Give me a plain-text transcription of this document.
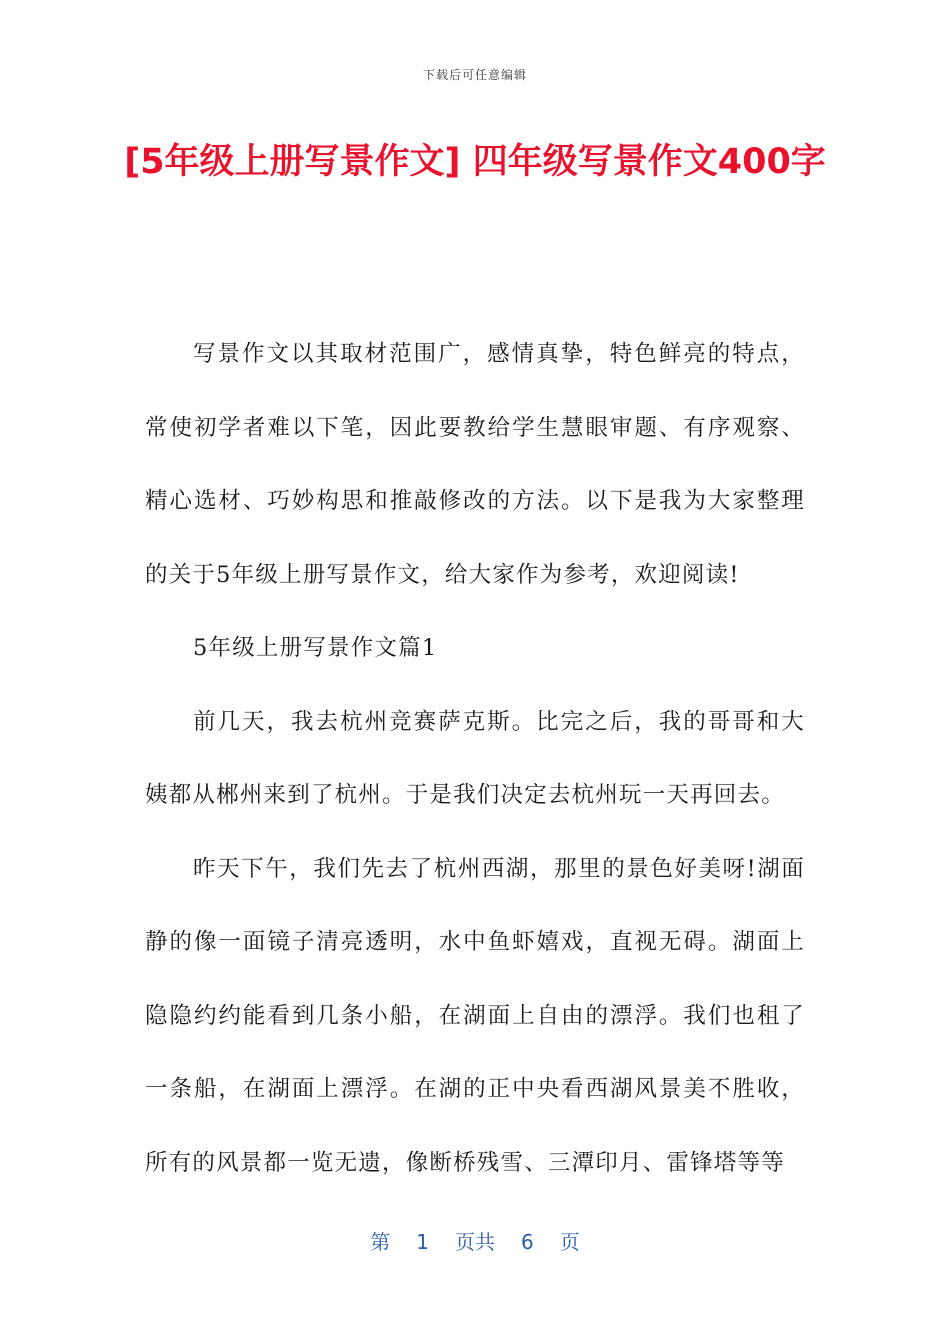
下载后可任意编辑
[5年级上册写景作文] 四年级写景作文400字

写景作文以其取材范围广，感情真挚，特色鲜亮的特点，常使初学者难以下笔，因此要教给学生慧眼审题、有序观察、精心选材、巧妙构思和推敲修改的方法。以下是我为大家整理的关于5年级上册写景作文，给大家作为参考，欢迎阅读!

5年级上册写景作文篇1

前几天，我去杭州竞赛萨克斯。比完之后，我的哥哥和大姨都从郴州来到了杭州。于是我们决定去杭州玩一天再回去。

昨天下午，我们先去了杭州西湖，那里的景色好美呀!湖面静的像一面镜子清亮透明，水中鱼虾嬉戏，直视无碍。湖面上隐隐约约能看到几条小船，在湖面上自由的漂浮。我们也租了一条船，在湖面上漂浮。在湖的正中央看西湖风景美不胜收，所有的风景都一览无遗，像断桥残雪、三潭印月、雷锋塔等等

第 1 页共 6 页
